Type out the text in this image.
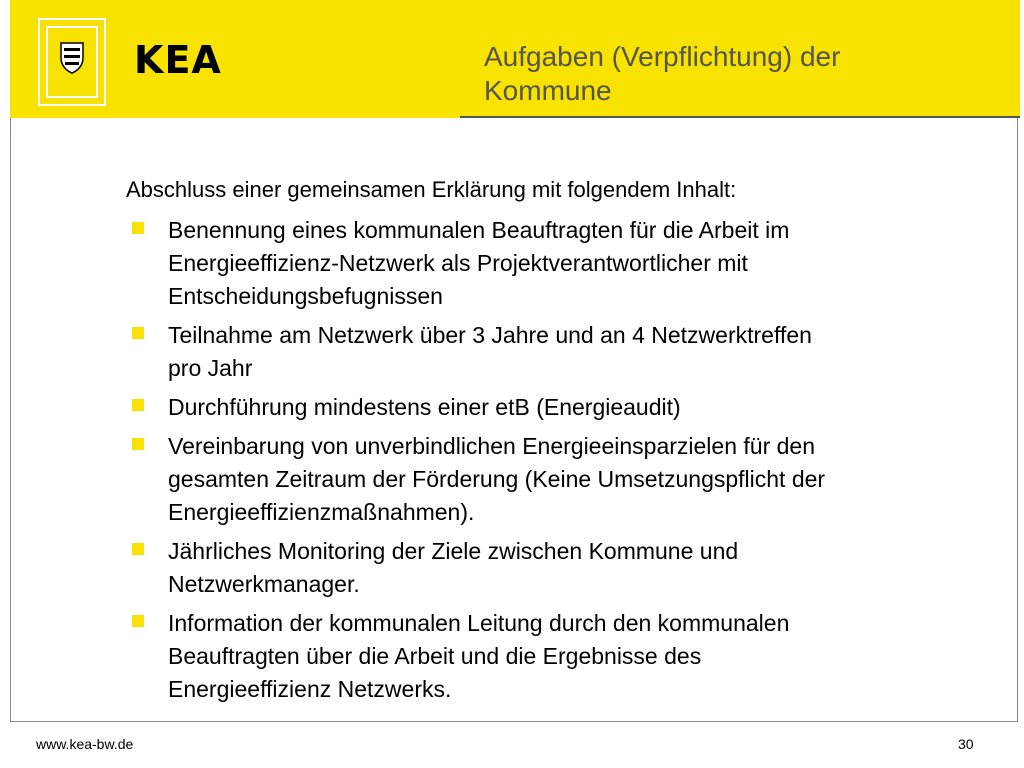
KEA	Aufgaben (Verpflichtung) der
Kommune
Abschluss einer gemeinsamen Erklärung mit folgendem Inhalt:
Benennung eines kommunalen Beauftragten für die Arbeit im
Energieeffizienz-Netzwerk als Projektverantwortlicher mit
Entscheidungsbefugnissen
Teilnahme am Netzwerk über 3 Jahre und an 4 Netzwerktreffen
pro Jahr
Durchführung mindestens einer etB (Energieaudit)
Vereinbarung von unverbindlichen Energieeinsparzielen für den
gesamten Zeitraum der Förderung (Keine Umsetzungspflicht der
Energieeffizienzmaßnahmen).
Jährliches Monitoring der Ziele zwischen Kommune und
Netzwerkmanager.
Information der kommunalen Leitung durch den kommunalen
Beauftragten über die Arbeit und die Ergebnisse des
Energieeffizienz Netzwerks.
www.kea-bw.de	30
